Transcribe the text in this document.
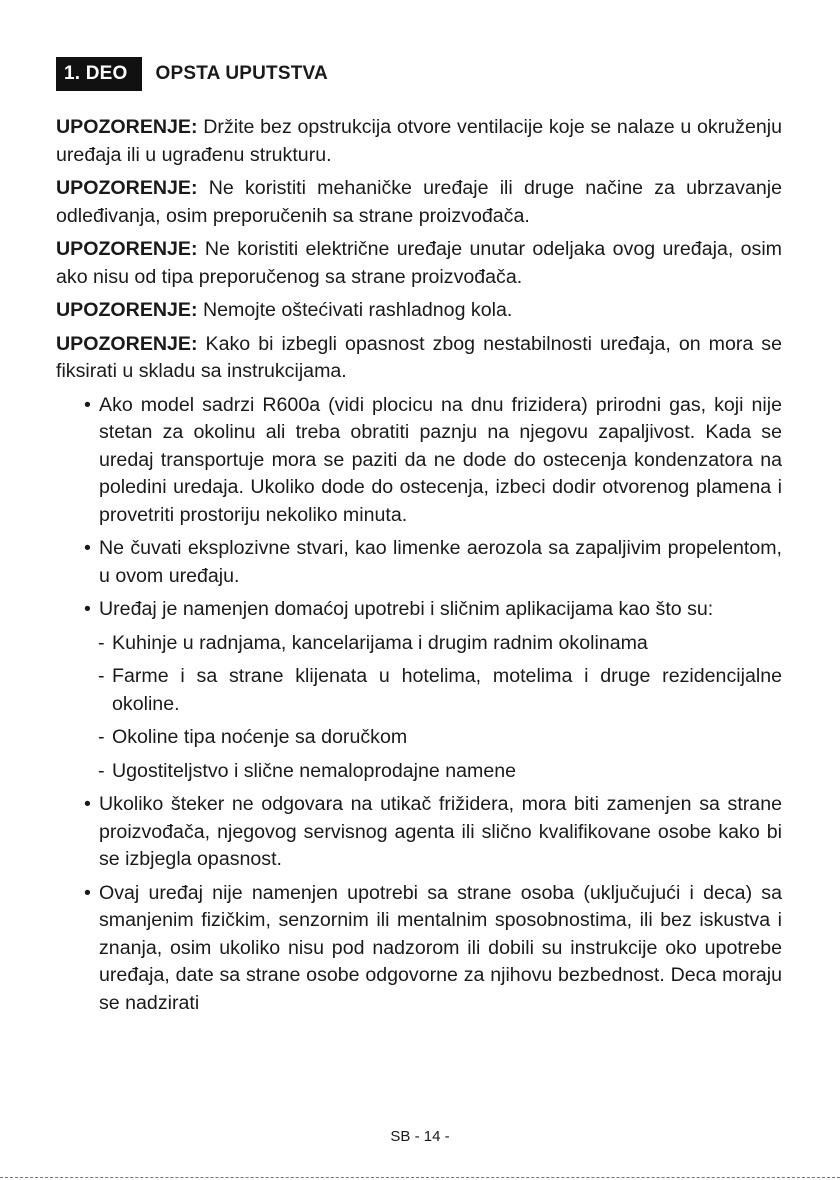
1. DEO	OPSTA UPUTSTVA

UPOZORENJE: Držite bez opstrukcija otvore ventilacije koje se nalaze u okruženju uređaja ili u ugrađenu strukturu.

UPOZORENJE: Ne koristiti mehaničke uređaje ili druge načine za ubrzavanje odleđivanja, osim preporučenih sa strane proizvođača.

UPOZORENJE: Ne koristiti električne uređaje unutar odeljaka ovog uređaja, osim ako nisu od tipa preporučenog sa strane proizvođača.

UPOZORENJE: Nemojte oštećivati rashladnog kola.

UPOZORENJE: Kako bi izbegli opasnost zbog nestabilnosti uređaja, on mora se fiksirati u skladu sa instrukcijama.

• Ako model sadrzi R600a (vidi plocicu na dnu frizidera) prirodni gas, koji nije stetan za okolinu ali treba obratiti paznju na njegovu zapaljivost. Kada se uredaj transportuje mora se paziti da ne dode do ostecenja kondenzatora na poledini uredaja. Ukoliko dode do ostecenja, izbeci dodir otvorenog plamena i provetriti prostoriju nekoliko minuta.
• Ne čuvati eksplozivne stvari, kao limenke aerozola sa zapaljivim propelentom, u ovom uređaju.
• Uređaj je namenjen domaćoj upotrebi i sličnim aplikacijama kao što su:
- Kuhinje u radnjama, kancelarijama i drugim radnim okolinama
- Farme i sa strane klijenata u hotelima, motelima i druge rezidencijalne okoline.
- Okoline tipa noćenje sa doručkom
- Ugostiteljstvo i slične nemaloprodajne namene
• Ukoliko šteker ne odgovara na utikač frižidera, mora biti zamenjen sa strane proizvođača, njegovog servisnog agenta ili slično kvalifikovane osobe kako bi se izbjegla opasnost.
• Ovaj uređaj nije namenjen upotrebi sa strane osoba (uključujući i deca) sa smanjenim fizičkim, senzornim ili mentalnim sposobnostima, ili bez iskustva i znanja, osim ukoliko nisu pod nadzorom ili dobili su instrukcije oko upotrebe uređaja, date sa strane osobe odgovorne za njihovu bezbednost. Deca moraju se nadzirati
SB - 14 -
